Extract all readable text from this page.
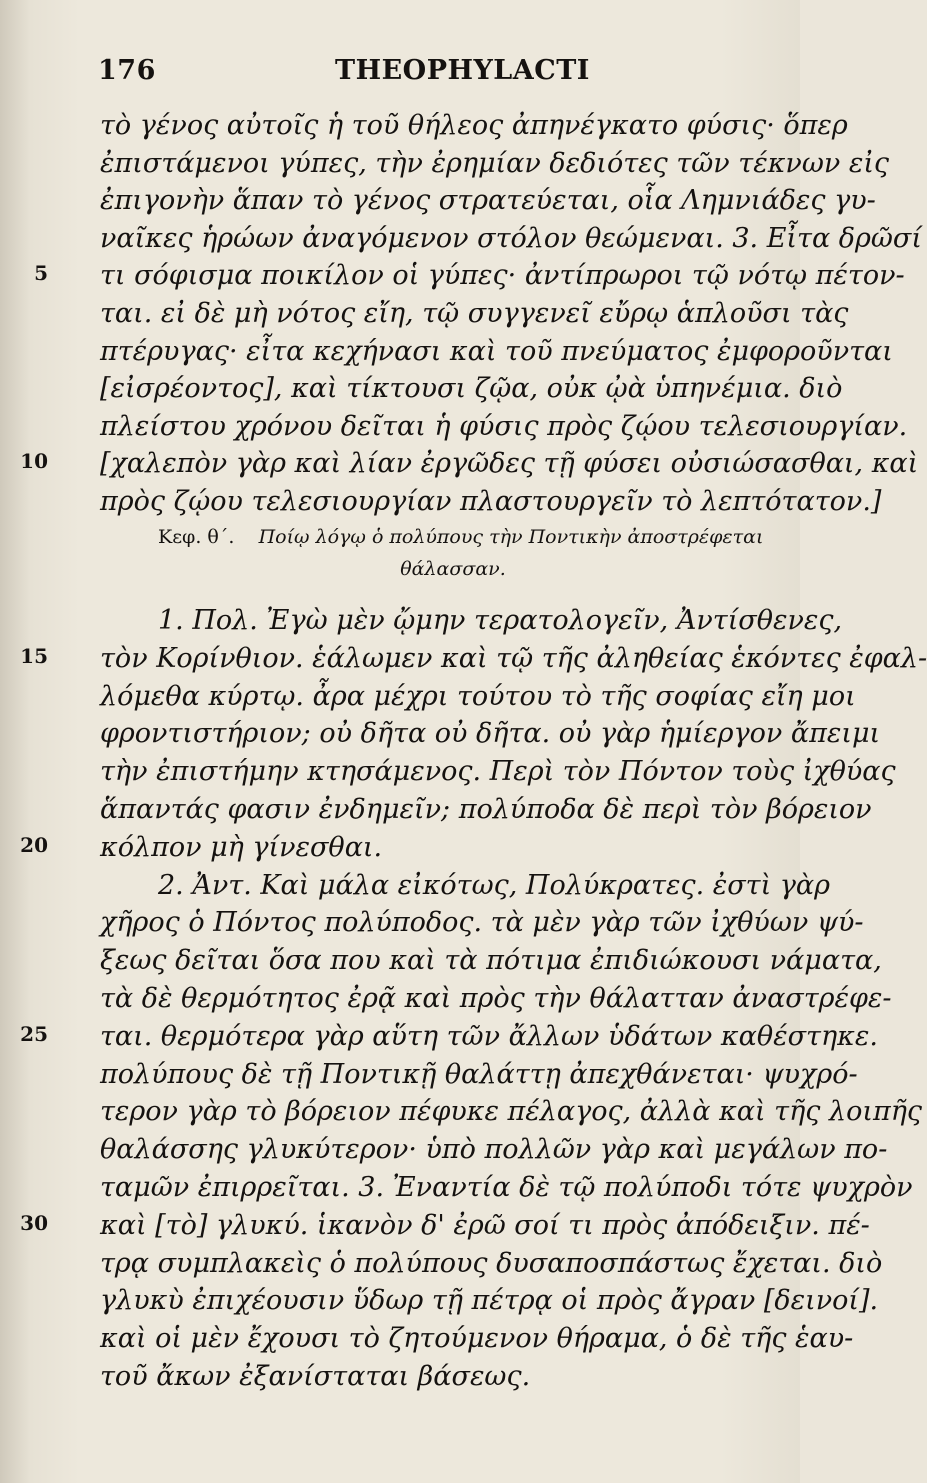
176	THEOPHYLACTI
τὸ γένος αὐτοῖς ἡ τοῦ θήλεος ἀπηνέγκατο φύσις· ὅπερ
ἐπιστάμενοι γύπες, τὴν ἐρημίαν δεδιότες τῶν τέκνων εἰς
ἐπιγονὴν ἅπαν τὸ γένος στρατεύεται, οἷα Λημνιάδες γυ-
ναῖκες ἡρώων ἀναγόμενον στόλον θεώμεναι. 3. Εἶτα δρῶσί
5 τι σόφισμα ποικίλον οἱ γύπες· ἀντίπρωροι τῷ νότῳ πέτον-
ται. εἰ δὲ μὴ νότος εἴη, τῷ συγγενεῖ εὔρῳ ἁπλοῦσι τὰς
πτέρυγας· εἶτα κεχήνασι καὶ τοῦ πνεύματος ἐμφοροῦνται
[εἰσρέοντος], καὶ τίκτουσι ζῷα, οὐκ ᾠὰ ὑπηνέμια. διὸ
πλείστου χρόνου δεῖται ἡ φύσις πρὸς ζῴου τελεσιουργίαν.
10 [χαλεπὸν γὰρ καὶ λίαν ἐργῶδες τῇ φύσει οὐσιώσασθαι, καὶ
πρὸς ζῴου τελεσιουργίαν πλαστουργεῖν τὸ λεπτότατον.]
Κεφ. θ΄. Ποίῳ λόγῳ ὁ πολύπους τὴν Ποντικὴν ἀποστρέφεται
θάλασσαν.
1. Πολ. Ἐγὼ μὲν ᾤμην τερατολογεῖν, Ἀντίσθενες,
15 τὸν Κορίνθιον. ἑάλωμεν καὶ τῷ τῆς ἀληθείας ἑκόντες ἐφαλ-
λόμεθα κύρτῳ. ἆρα μέχρι τούτου τὸ τῆς σοφίας εἴη μοι
φροντιστήριον; οὐ δῆτα οὐ δῆτα. οὐ γὰρ ἡμίεργον ἄπειμι
τὴν ἐπιστήμην κτησάμενος. Περὶ τὸν Πόντον τοὺς ἰχθύας
ἅπαντάς φασιν ἐνδημεῖν; πολύποδα δὲ περὶ τὸν βόρειον
20 κόλπον μὴ γίνεσθαι.
2. Ἀντ. Καὶ μάλα εἰκότως, Πολύκρατες. ἐστὶ γὰρ
χῆρος ὁ Πόντος πολύποδος. τὰ μὲν γὰρ τῶν ἰχθύων ψύ-
ξεως δεῖται ὅσα που καὶ τὰ πότιμα ἐπιδιώκουσι νάματα,
τὰ δὲ θερμότητος ἐρᾷ καὶ πρὸς τὴν θάλατταν ἀναστρέφε-
25 ται. θερμότερα γὰρ αὕτη τῶν ἄλλων ὑδάτων καθέστηκε.
πολύπους δὲ τῇ Ποντικῇ θαλάττῃ ἀπεχθάνεται· ψυχρό-
τερον γὰρ τὸ βόρειον πέφυκε πέλαγος, ἀλλὰ καὶ τῆς λοιπῆς
θαλάσσης γλυκύτερον· ὑπὸ πολλῶν γὰρ καὶ μεγάλων πο-
ταμῶν ἐπιρρεῖται. 3. Ἐναντία δὲ τῷ πολύποδι τότε ψυχρὸν
30 καὶ [τὸ] γλυκύ. ἱκανὸν δ' ἐρῶ σοί τι πρὸς ἀπόδειξιν. πέ-
τρᾳ συμπλακεὶς ὁ πολύπους δυσαποσπάστως ἔχεται. διὸ
γλυκὺ ἐπιχέουσιν ὕδωρ τῇ πέτρᾳ οἱ πρὸς ἄγραν [δεινοί].
καὶ οἱ μὲν ἔχουσι τὸ ζητούμενον θήραμα, ὁ δὲ τῆς ἑαυ-
τοῦ ἄκων ἐξανίσταται βάσεως.
